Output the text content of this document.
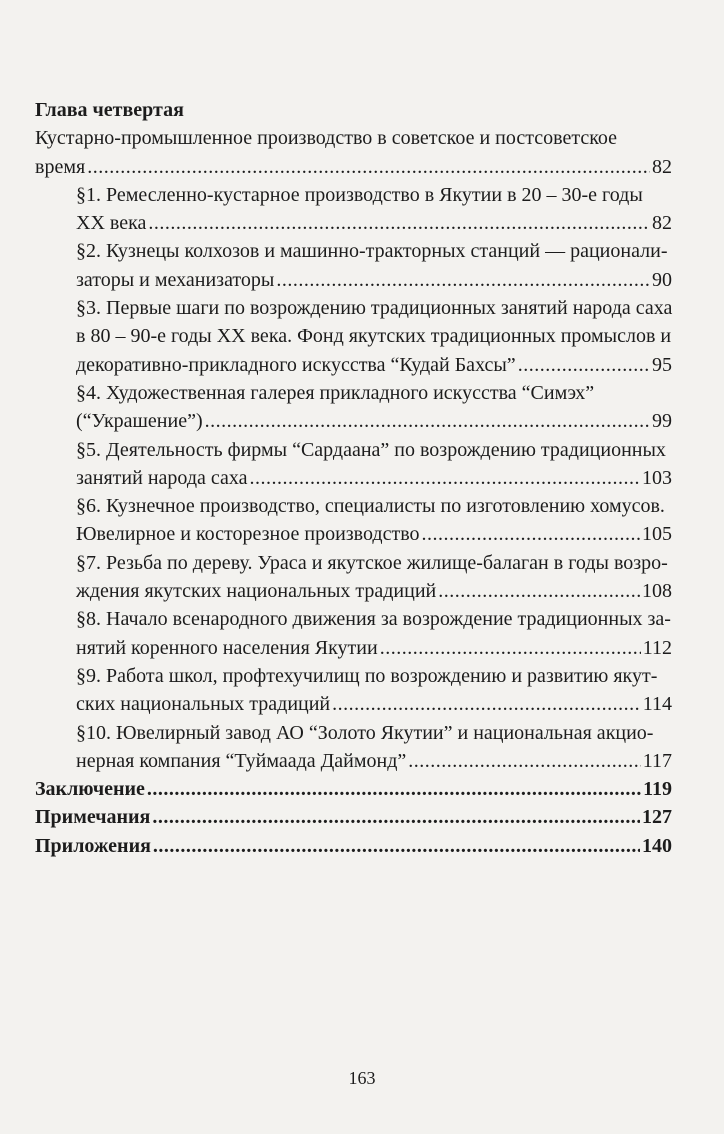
Глава четвертая
Кустарно-промышленное производство в советское и постсоветское
время .....	82
§1. Ремесленно-кустарное производство в Якутии в 20 – 30-е годы
XX века .....	82
§2. Кузнецы колхозов и машинно-тракторных станций — рационали-
заторы и механизаторы .....	90
§3. Первые шаги по возрождению традиционных занятий народа саха
в 80 – 90-е годы XX века. Фонд якутских традиционных промыслов и
декоративно-прикладного искусства “Кудай Бахсы” .....	95
§4. Художественная галерея прикладного искусства “Симэх”
(“Украшение”) .....	99
§5. Деятельность фирмы “Сардаана” по возрождению традиционных
занятий народа саха .....	103
§6. Кузнечное производство, специалисты по изготовлению хомусов.
Ювелирное и косторезное производство .....	105
§7. Резьба по дереву. Ураса и якутское жилище-балаган в годы возро-
ждения якутских национальных традиций .....	108
§8. Начало всенародного движения за возрождение традиционных за-
нятий коренного населения Якутии .....	112
§9. Работа школ, профтехучилищ по возрождению и развитию якут-
ских национальных традиций .....	114
§10. Ювелирный завод АО “Золото Якутии” и национальная акцио-
нерная компания “Туймаада Даймонд” .....	117
Заключение .....	119
Примечания .....	127
Приложения .....	140
163
